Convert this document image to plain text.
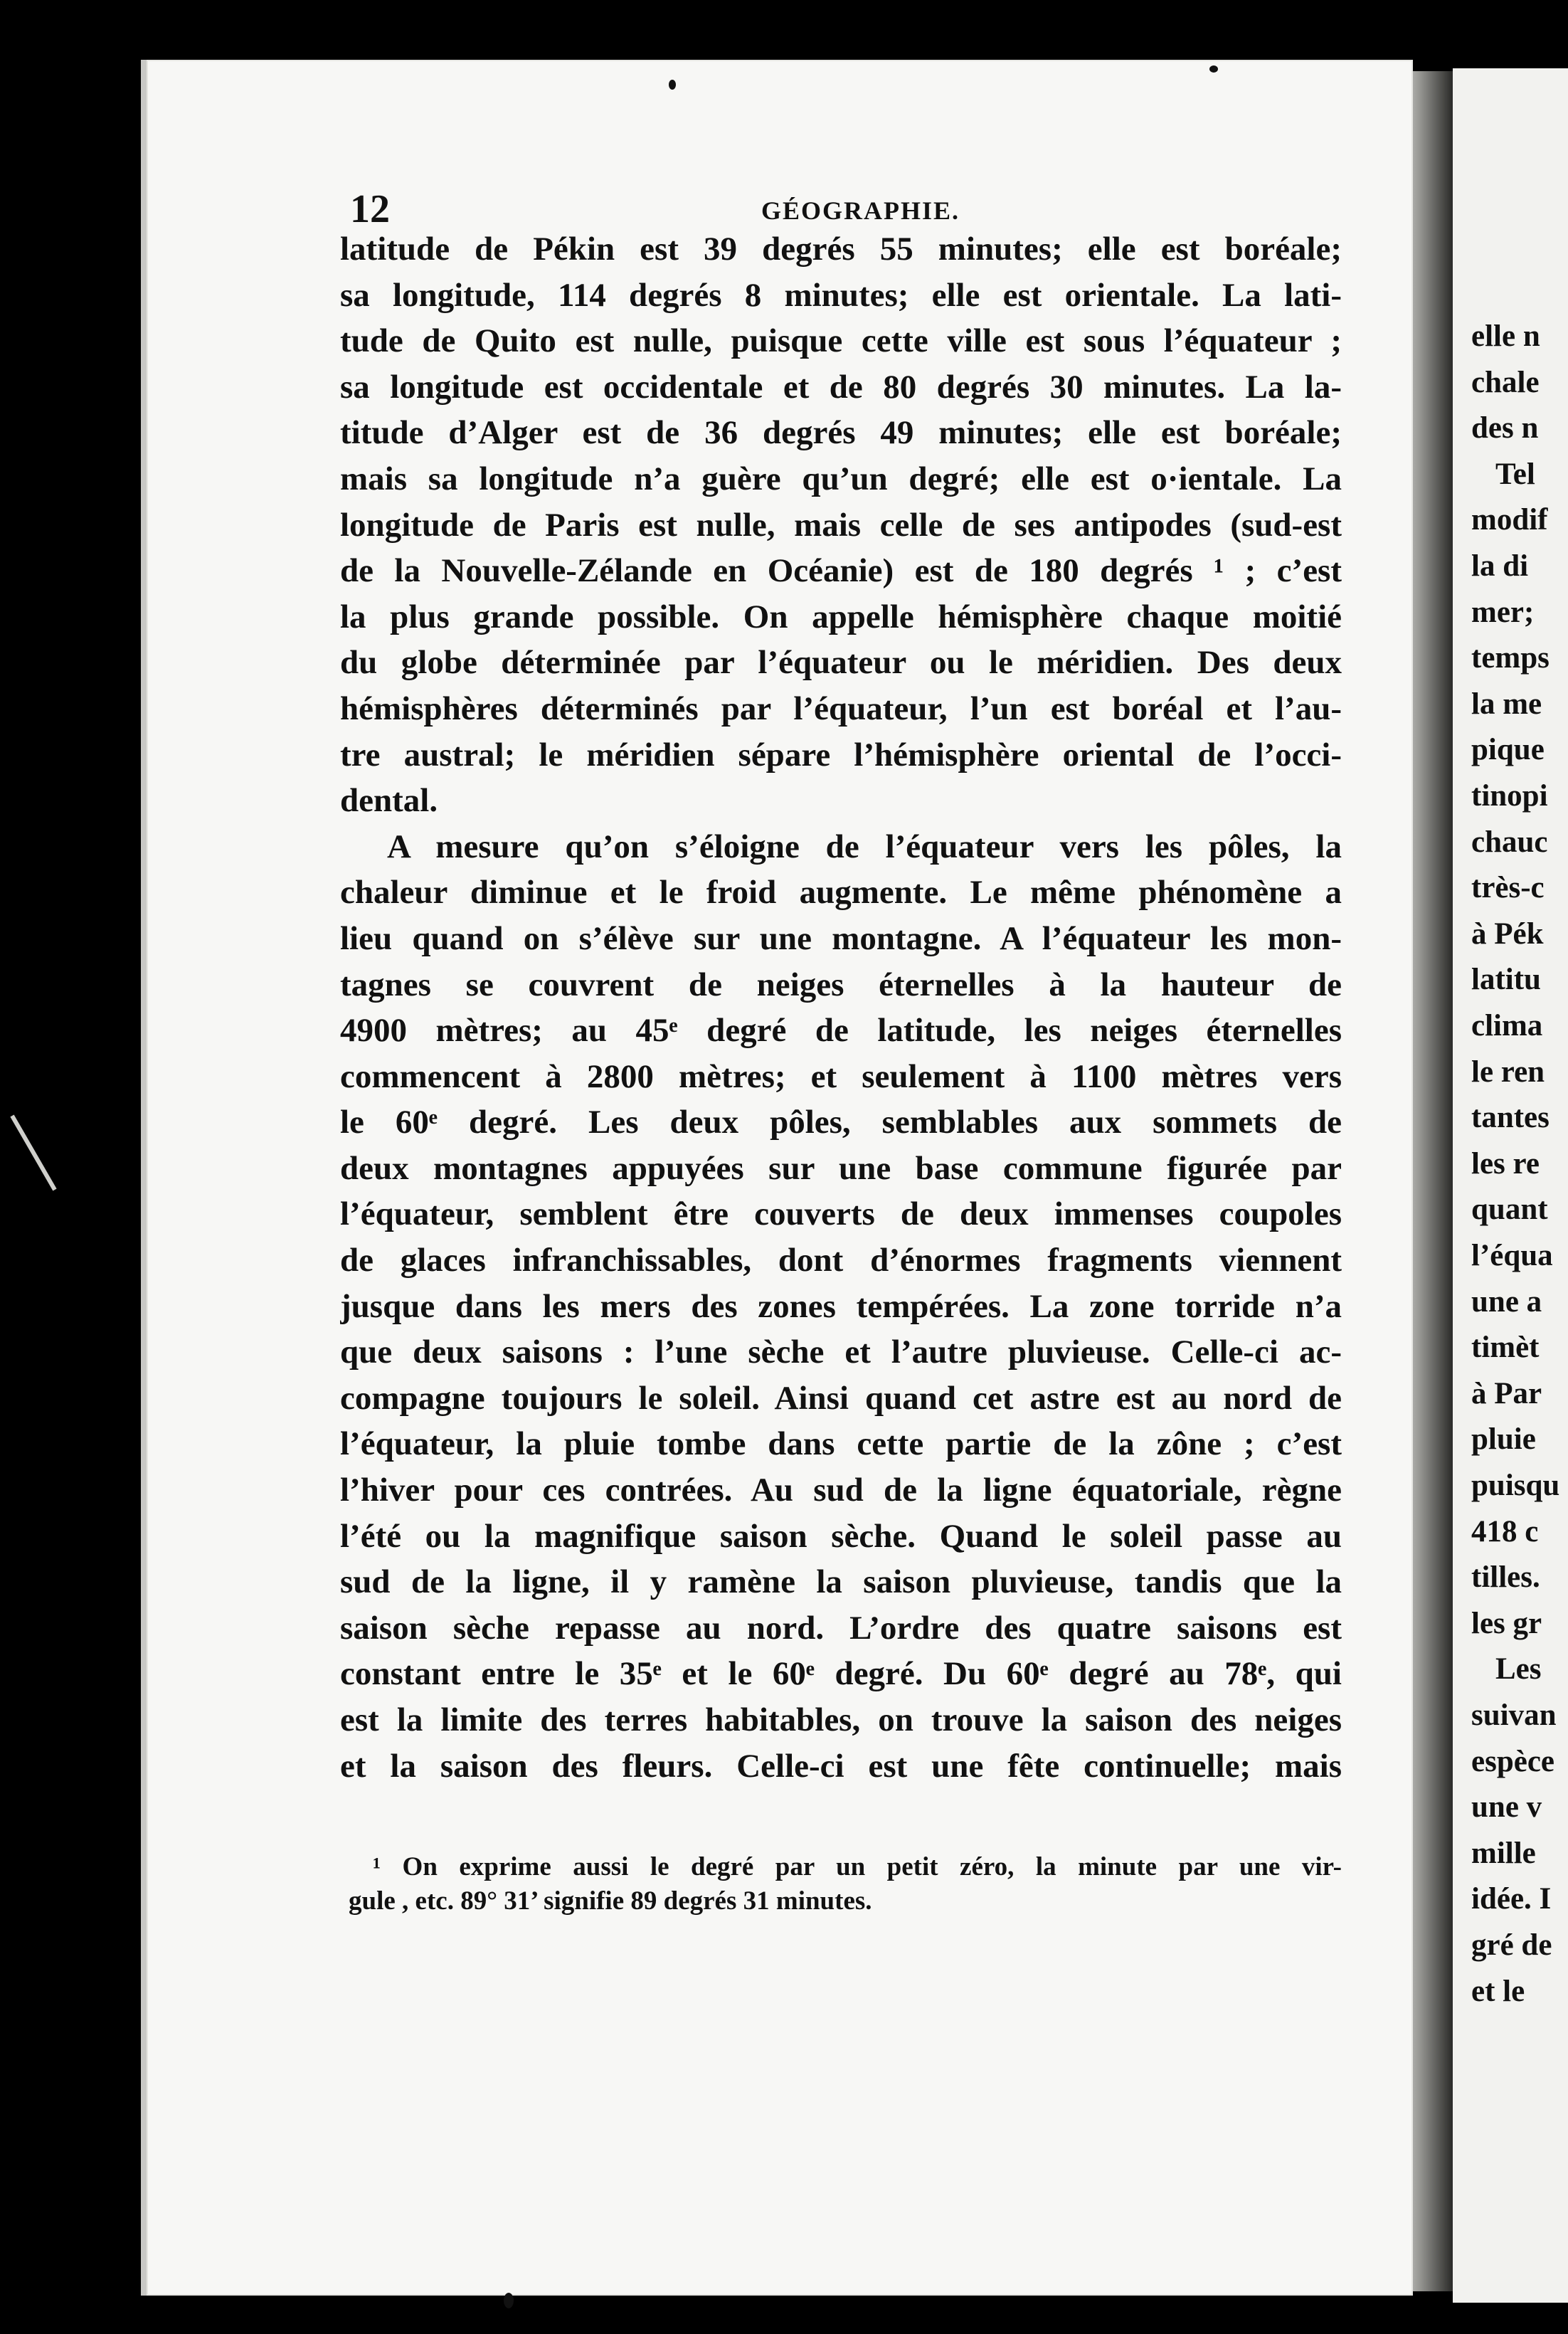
elle n
chale
des n
Tel
modif
la di
mer;
temps
la me
pique
tinopi
chauc
très-c
à Pék
latitu
clima
le ren
tantes
les re
quant
l’équa
une a
timèt
à Par
pluie
puisqu
418 c
tilles.
les gr
Les
suivan
espèce
une v
mille
idée. I
gré de
et le
12	GÉOGRAPHIE.
latitude de Pékin est 39 degrés 55 minutes; elle est boréale;
sa longitude, 114 degrés 8 minutes; elle est orientale. La lati-
tude de Quito est nulle, puisque cette ville est sous l’équateur ;
sa longitude est occidentale et de 80 degrés 30 minutes. La la-
titude d’Alger est de 36 degrés 49 minutes; elle est boréale;
mais sa longitude n’a guère qu’un degré; elle est o·ientale. La
longitude de Paris est nulle, mais celle de ses antipodes (sud-est
de la Nouvelle-Zélande en Océanie) est de 180 degrés ¹ ; c’est
la plus grande possible. On appelle hémisphère chaque moitié
du globe déterminée par l’équateur ou le méridien. Des deux
hémisphères déterminés par l’équateur, l’un est boréal et l’au-
tre austral; le méridien sépare l’hémisphère oriental de l’occi-
dental.
A mesure qu’on s’éloigne de l’équateur vers les pôles, la
chaleur diminue et le froid augmente. Le même phénomène a
lieu quand on s’élève sur une montagne. A l’équateur les mon-
tagnes se couvrent de neiges éternelles à la hauteur de
4900 mètres; au 45ᵉ degré de latitude, les neiges éternelles
commencent à 2800 mètres; et seulement à 1100 mètres vers
le 60ᵉ degré. Les deux pôles, semblables aux sommets de
deux montagnes appuyées sur une base commune figurée par
l’équateur, semblent être couverts de deux immenses coupoles
de glaces infranchissables, dont d’énormes fragments viennent
jusque dans les mers des zones tempérées. La zone torride n’a
que deux saisons : l’une sèche et l’autre pluvieuse. Celle-ci ac-
compagne toujours le soleil. Ainsi quand cet astre est au nord de
l’équateur, la pluie tombe dans cette partie de la zône ; c’est
l’hiver pour ces contrées. Au sud de la ligne équatoriale, règne
l’été ou la magnifique saison sèche. Quand le soleil passe au
sud de la ligne, il y ramène la saison pluvieuse, tandis que la
saison sèche repasse au nord. L’ordre des quatre saisons est
constant entre le 35ᵉ et le 60ᵉ degré. Du 60ᵉ degré au 78ᵉ, qui
est la limite des terres habitables, on trouve la saison des neiges
et la saison des fleurs. Celle-ci est une fête continuelle; mais
¹ On exprime aussi le degré par un petit zéro, la minute par une vir-
gule , etc. 89° 31’ signifie 89 degrés 31 minutes.
